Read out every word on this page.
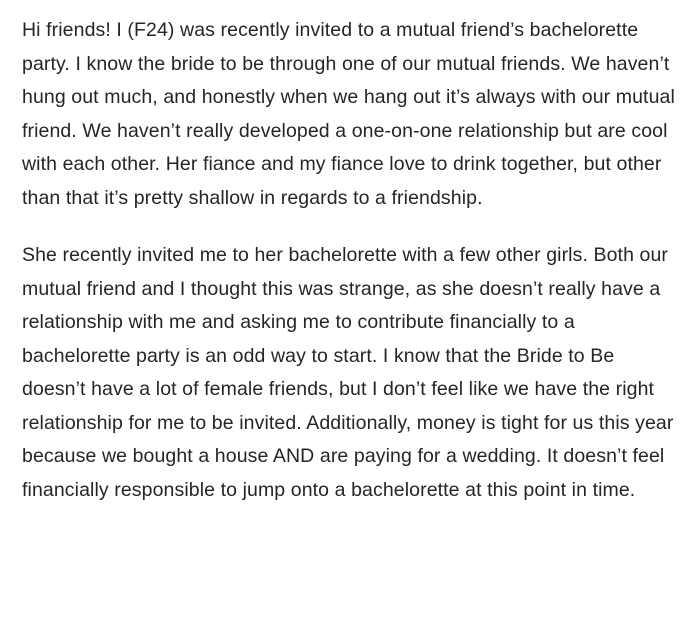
Hi friends! I (F24) was recently invited to a mutual friend’s bachelorette party. I know the bride to be through one of our mutual friends. We haven’t hung out much, and honestly when we hang out it’s always with our mutual friend. We haven’t really developed a one-on-one relationship but are cool with each other. Her fiance and my fiance love to drink together, but other than that it’s pretty shallow in regards to a friendship.

She recently invited me to her bachelorette with a few other girls. Both our mutual friend and I thought this was strange, as she doesn’t really have a relationship with me and asking me to contribute financially to a bachelorette party is an odd way to start. I know that the Bride to Be doesn’t have a lot of female friends, but I don’t feel like we have the right relationship for me to be invited. Additionally, money is tight for us this year because we bought a house AND are paying for a wedding. It doesn’t feel financially responsible to jump onto a bachelorette at this point in time.
